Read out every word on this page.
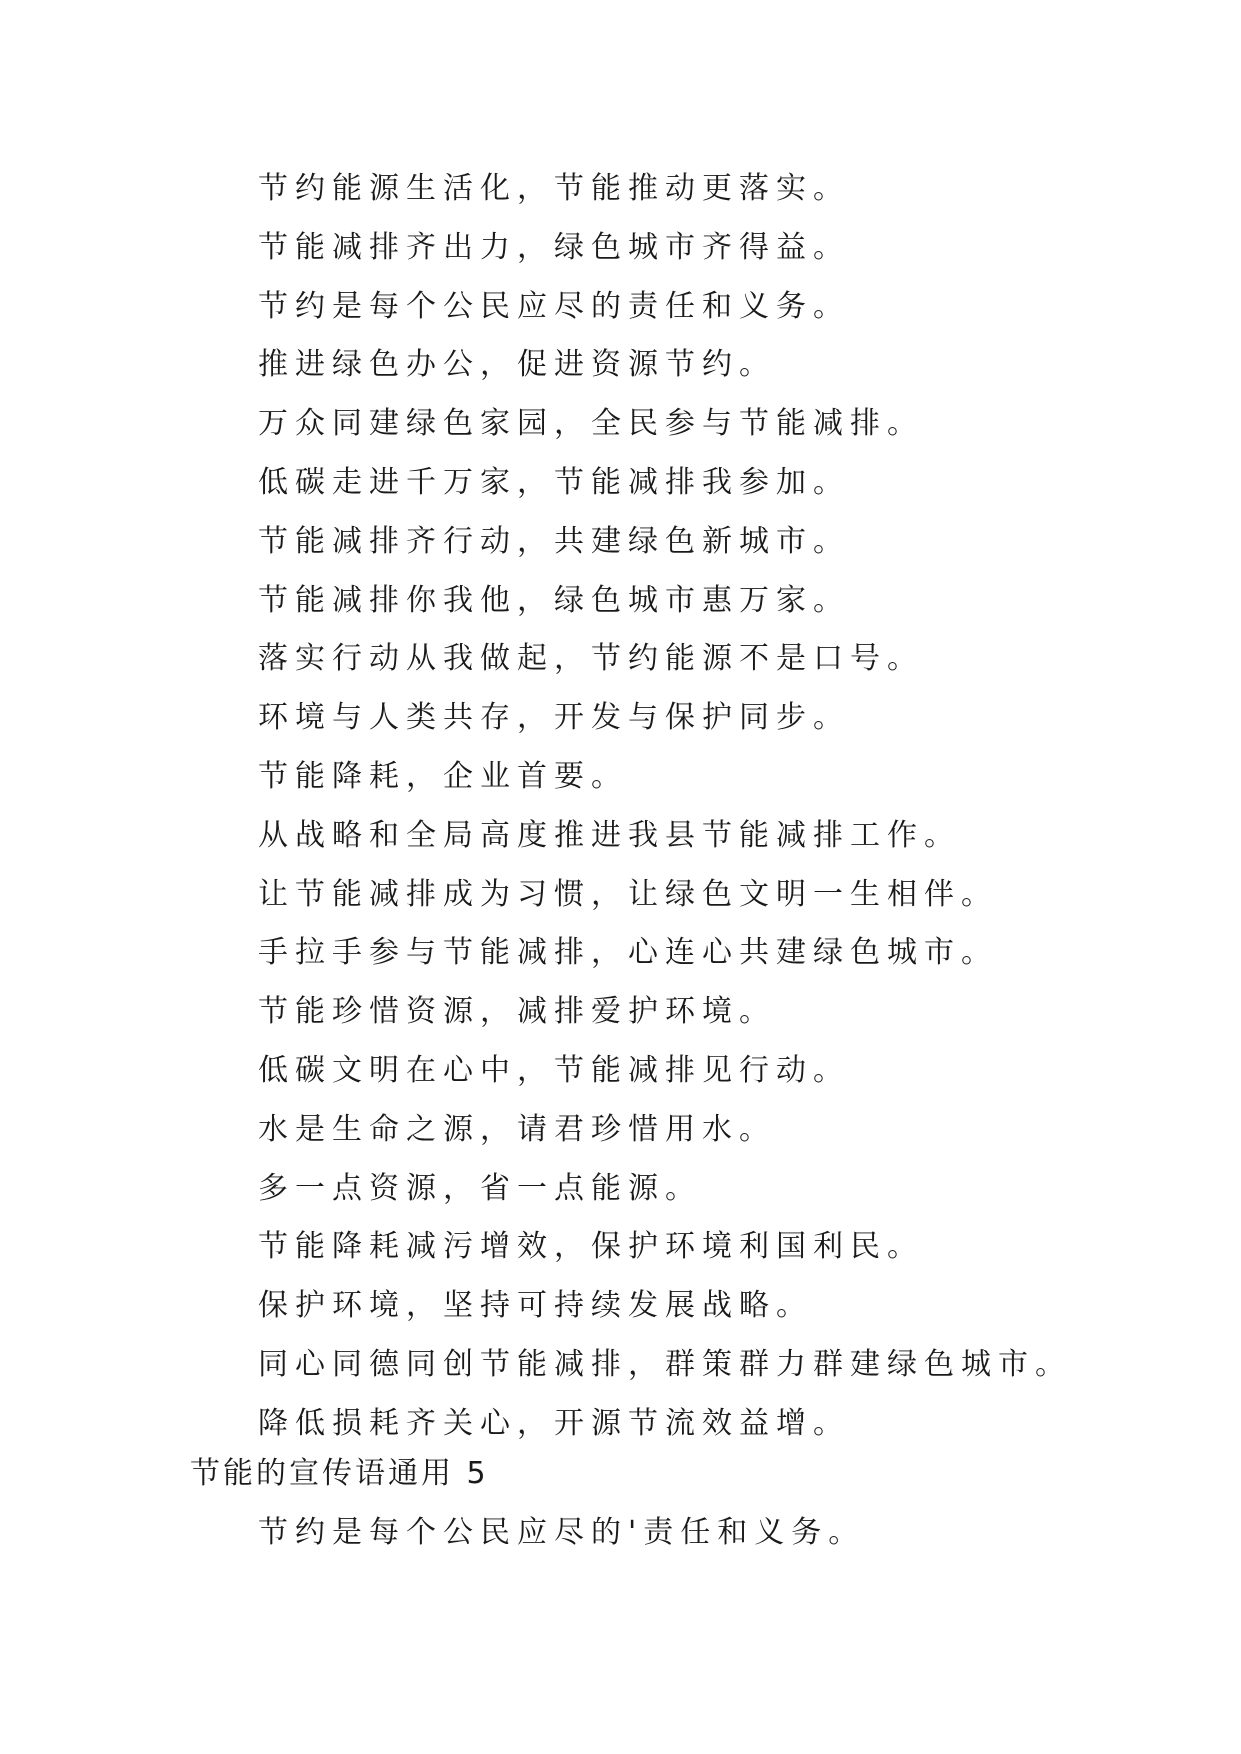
节约能源生活化，节能推动更落实。
节能减排齐出力，绿色城市齐得益。
节约是每个公民应尽的责任和义务。
推进绿色办公，促进资源节约。
万众同建绿色家园，全民参与节能减排。
低碳走进千万家，节能减排我参加。
节能减排齐行动，共建绿色新城市。
节能减排你我他，绿色城市惠万家。
落实行动从我做起，节约能源不是口号。
环境与人类共存，开发与保护同步。
节能降耗，企业首要。
从战略和全局高度推进我县节能减排工作。
让节能减排成为习惯，让绿色文明一生相伴。
手拉手参与节能减排，心连心共建绿色城市。
节能珍惜资源，减排爱护环境。
低碳文明在心中，节能减排见行动。
水是生命之源，请君珍惜用水。
多一点资源，省一点能源。
节能降耗减污增效，保护环境利国利民。
保护环境，坚持可持续发展战略。
同心同德同创节能减排，群策群力群建绿色城市。
降低损耗齐关心，开源节流效益增。
节能的宣传语通用 5

节约是每个公民应尽的'责任和义务。
